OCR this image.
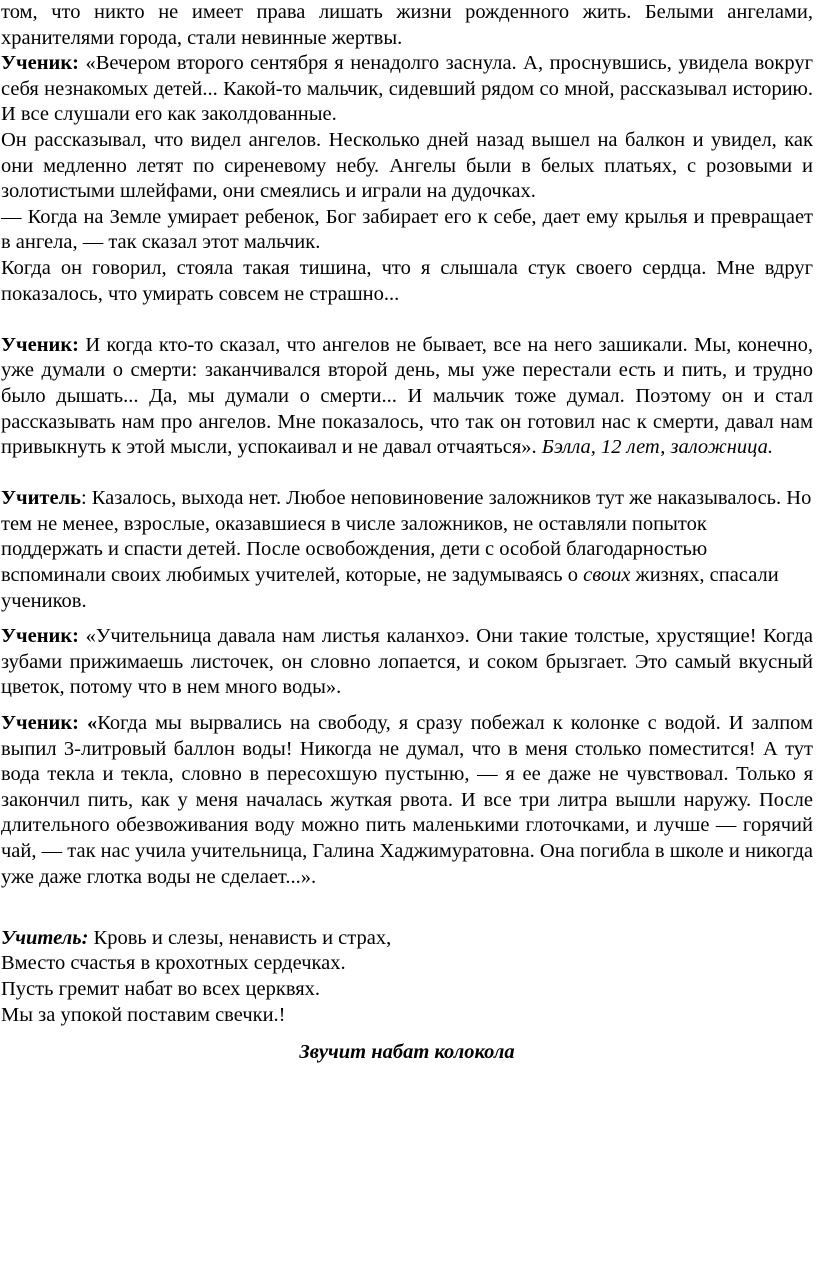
том, что никто не имеет права лишать жизни рожденного жить. Белыми ангелами, хранителями города, стали невинные жертвы.

Ученик: «Вечером второго сентября я ненадолго заснула. А, проснувшись, увидела вокруг себя незнакомых детей... Какой-то мальчик, сидевший рядом со мной, рассказывал историю. И все слушали его как заколдованные.

Он рассказывал, что видел ангелов. Несколько дней назад вышел на балкон и увидел, как они медленно летят по сиреневому небу. Ангелы были в белых платьях, с розовыми и золотистыми шлейфами, они смеялись и играли на дудочках.

— Когда на Земле умирает ребенок, Бог забирает его к себе, дает ему крылья и превращает в ангела, — так сказал этот мальчик.

Когда он говорил, стояла такая тишина, что я слышала стук своего сердца. Мне вдруг показалось, что умирать совсем не страшно...

Ученик: И когда кто-то сказал, что ангелов не бывает, все на него зашикали. Мы, конечно, уже думали о смерти: заканчивался второй день, мы уже перестали есть и пить, и трудно было дышать... Да, мы думали о смерти... И мальчик тоже думал. Поэтому он и стал рассказывать нам про ангелов. Мне показалось, что так он готовил нас к смерти, давал нам привыкнуть к этой мысли, успокаивал и не давал отчаяться». Бэлла, 12 лет, заложница.

Учитель: Казалось, выхода нет. Любое неповиновение заложников тут же наказывалось. Но тем не менее, взрослые, оказавшиеся в числе заложников, не оставляли попыток поддержать и спасти детей. После освобождения, дети с особой благодарностью вспоминали своих любимых учителей, которые, не задумываясь о своих жизнях, спасали учеников.

Ученик: «Учительница давала нам листья каланхоэ. Они такие толстые, хрустящие! Когда зубами прижимаешь листочек, он словно лопается, и соком брызгает. Это самый вкусный цветок, потому что в нем много воды».

Ученик: «Когда мы вырвались на свободу, я сразу побежал к колонке с водой. И залпом выпил 3-литровый баллон воды! Никогда не думал, что в меня столько поместится! А тут вода текла и текла, словно в пересохшую пустыню, — я ее даже не чувствовал. Только я закончил пить, как у меня началась жуткая рвота. И все три литра вышли наружу. После длительного обезвоживания воду можно пить маленькими глоточками, и лучше — горячий чай, — так нас учила учительница, Галина Хаджимуратовна. Она погибла в школе и никогда уже даже глотка воды не сделает...».

Учитель: Кровь и слезы, ненависть и страх,

Вместо счастья в крохотных сердечках.

Пусть гремит набат во всех церквях.

Мы за упокой поставим свечки.!

Звучит набат колокола
